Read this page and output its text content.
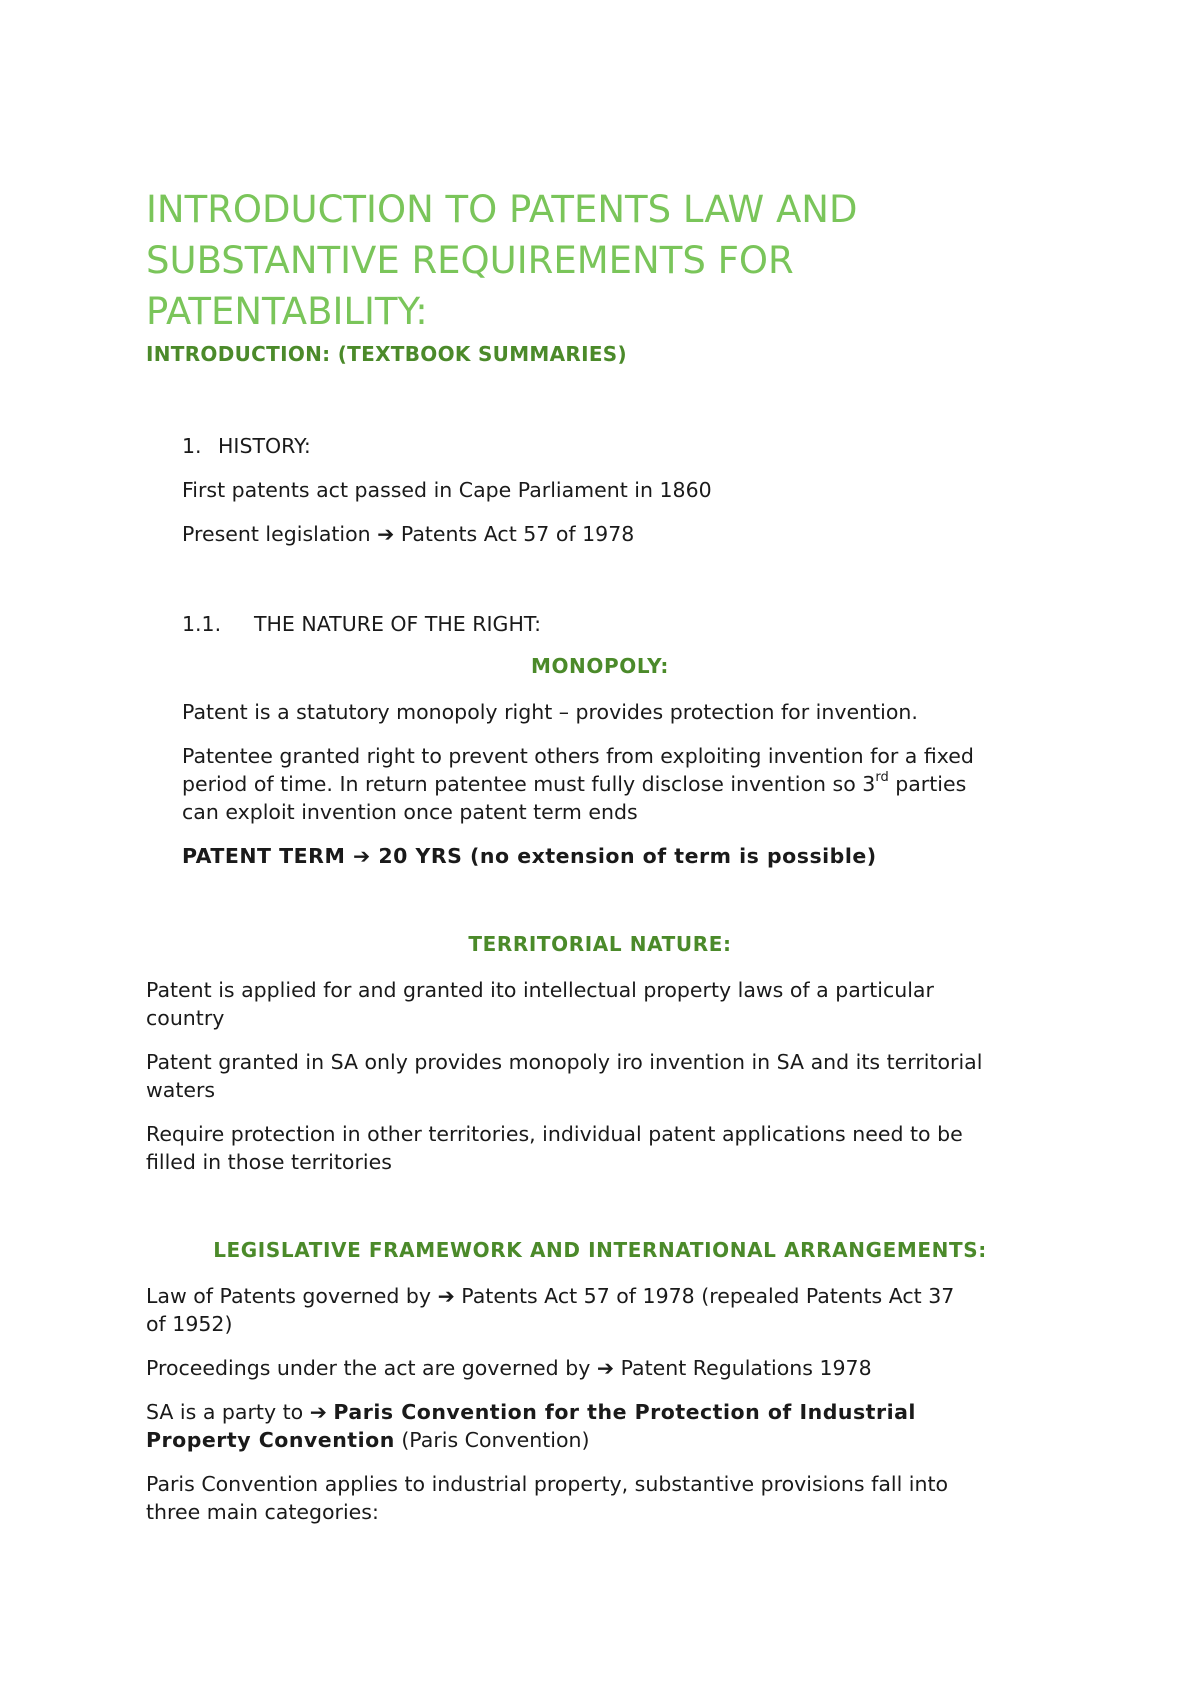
INTRODUCTION TO PATENTS LAW AND
SUBSTANTIVE REQUIREMENTS FOR
PATENTABILITY:
INTRODUCTION: (TEXTBOOK SUMMARIES)
1. HISTORY:
First patents act passed in Cape Parliament in 1860
Present legislation ➔ Patents Act 57 of 1978
1.1. THE NATURE OF THE RIGHT:
MONOPOLY:
Patent is a statutory monopoly right – provides protection for invention.
Patentee granted right to prevent others from exploiting invention for a fixed
period of time. In return patentee must fully disclose invention so 3rd parties
can exploit invention once patent term ends
PATENT TERM ➔ 20 YRS (no extension of term is possible)
TERRITORIAL NATURE:
Patent is applied for and granted ito intellectual property laws of a particular
country
Patent granted in SA only provides monopoly iro invention in SA and its territorial
waters
Require protection in other territories, individual patent applications need to be
filled in those territories
LEGISLATIVE FRAMEWORK AND INTERNATIONAL ARRANGEMENTS:
Law of Patents governed by ➔ Patents Act 57 of 1978 (repealed Patents Act 37
of 1952)
Proceedings under the act are governed by ➔ Patent Regulations 1978
SA is a party to ➔ Paris Convention for the Protection of Industrial
Property Convention (Paris Convention)
Paris Convention applies to industrial property, substantive provisions fall into
three main categories:
